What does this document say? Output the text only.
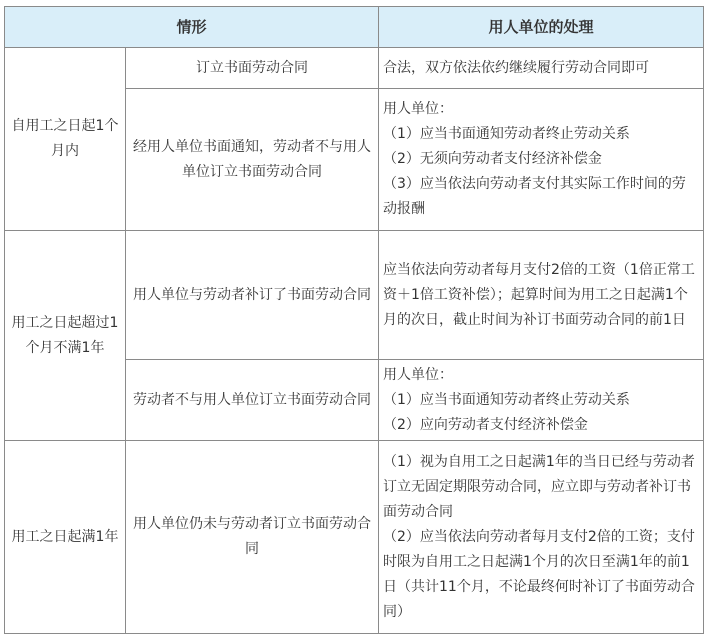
情形		用人单位的处理
自用工之日起1个月内	订立书面劳动合同	合法，双方依法依约继续履行劳动合同即可

	经用人单位书面通知，劳动者不与用人单位订立书面劳动合同	用人单位：
（1）应当书面通知劳动者终止劳动关系
（2）无须向劳动者支付经济补偿金
（3）应当依法向劳动者支付其实际工作时间的劳动报酬

用工之日起超过1个月不满1年	用人单位与劳动者补订了书面劳动合同	应当依法向劳动者每月支付2倍的工资（1倍正常工资＋1倍工资补偿）；起算时间为用工之日起满1个月的次日，截止时间为补订书面劳动合同的前1日

	劳动者不与用人单位订立书面劳动合同	用人单位：
（1）应当书面通知劳动者终止劳动关系
（2）应向劳动者支付经济补偿金

用工之日起满1年	用人单位仍未与劳动者订立书面劳动合同	（1）视为自用工之日起满1年的当日已经与劳动者订立无固定期限劳动合同，应立即与劳动者补订书面劳动合同
（2）应当依法向劳动者每月支付2倍的工资；支付时限为自用工之日起满1个月的次日至满1年的前1日（共计11个月，不论最终何时补订了书面劳动合同）
